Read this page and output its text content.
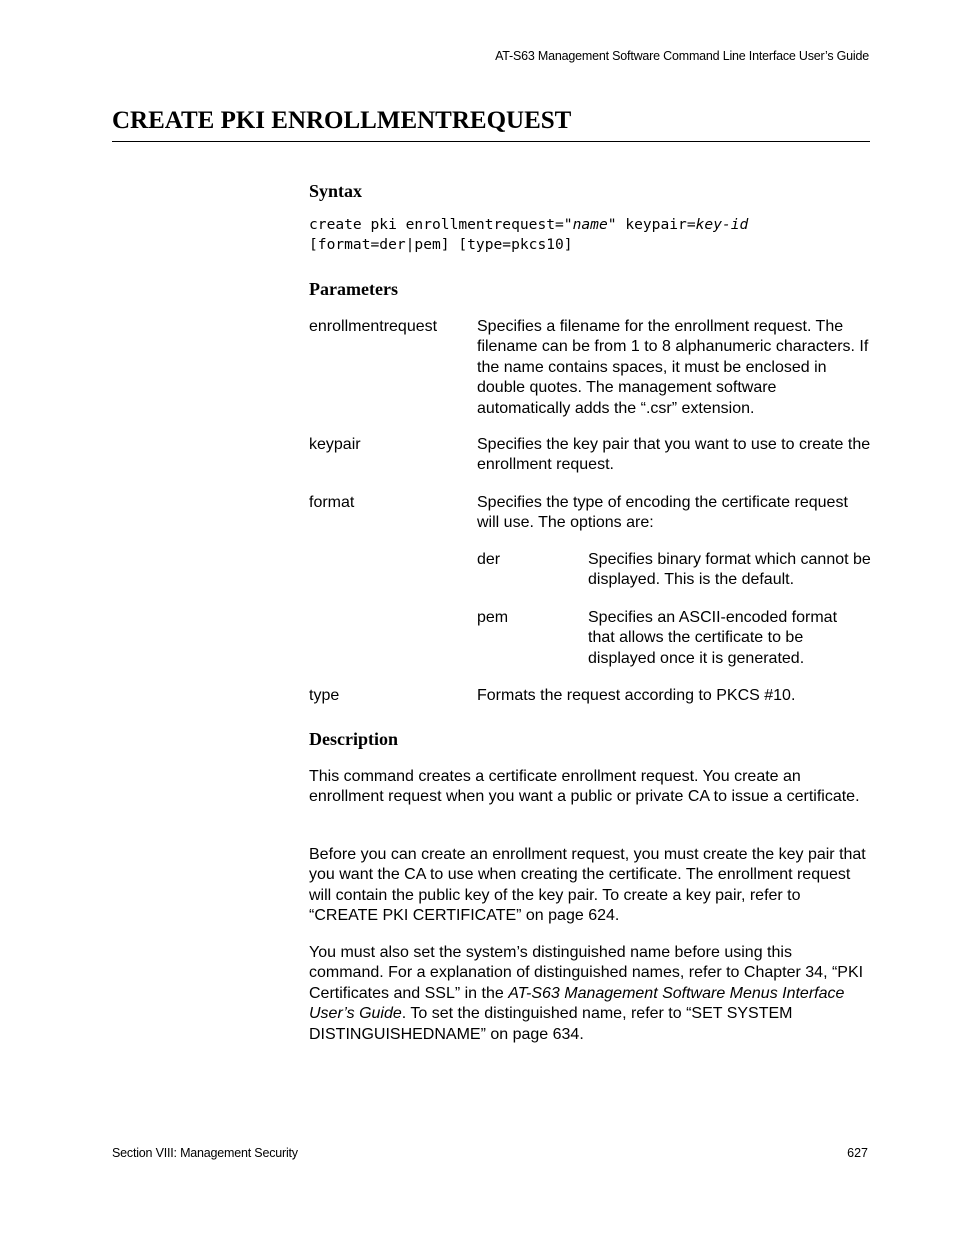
AT-S63 Management Software Command Line Interface User’s Guide
CREATE PKI ENROLLMENTREQUEST
Syntax
create pki enrollmentrequest="name" keypair=key-id
[format=der|pem] [type=pkcs10]
Parameters
enrollmentrequest Specifies a filename for the enrollment request. The filename can be from 1 to 8 alphanumeric characters. If the name contains spaces, it must be enclosed in double quotes. The management software automatically adds the “.csr” extension.
keypair	Specifies the key pair that you want to use to create the enrollment request.
format	Specifies the type of encoding the certificate request will use. The options are:
der	Specifies binary format which cannot be displayed. This is the default.
pem	Specifies an ASCII-encoded format that allows the certificate to be displayed once it is generated.
type	Formats the request according to PKCS #10.
Description
This command creates a certificate enrollment request. You create an enrollment request when you want a public or private CA to issue a certificate.
Before you can create an enrollment request, you must create the key pair that you want the CA to use when creating the certificate. The enrollment request will contain the public key of the key pair. To create a key pair, refer to “CREATE PKI CERTIFICATE” on page 624.
You must also set the system’s distinguished name before using this command. For a explanation of distinguished names, refer to Chapter 34, “PKI Certificates and SSL” in the AT-S63 Management Software Menus Interface User’s Guide. To set the distinguished name, refer to “SET SYSTEM DISTINGUISHEDNAME” on page 634.
Section VIII: Management Security	627
